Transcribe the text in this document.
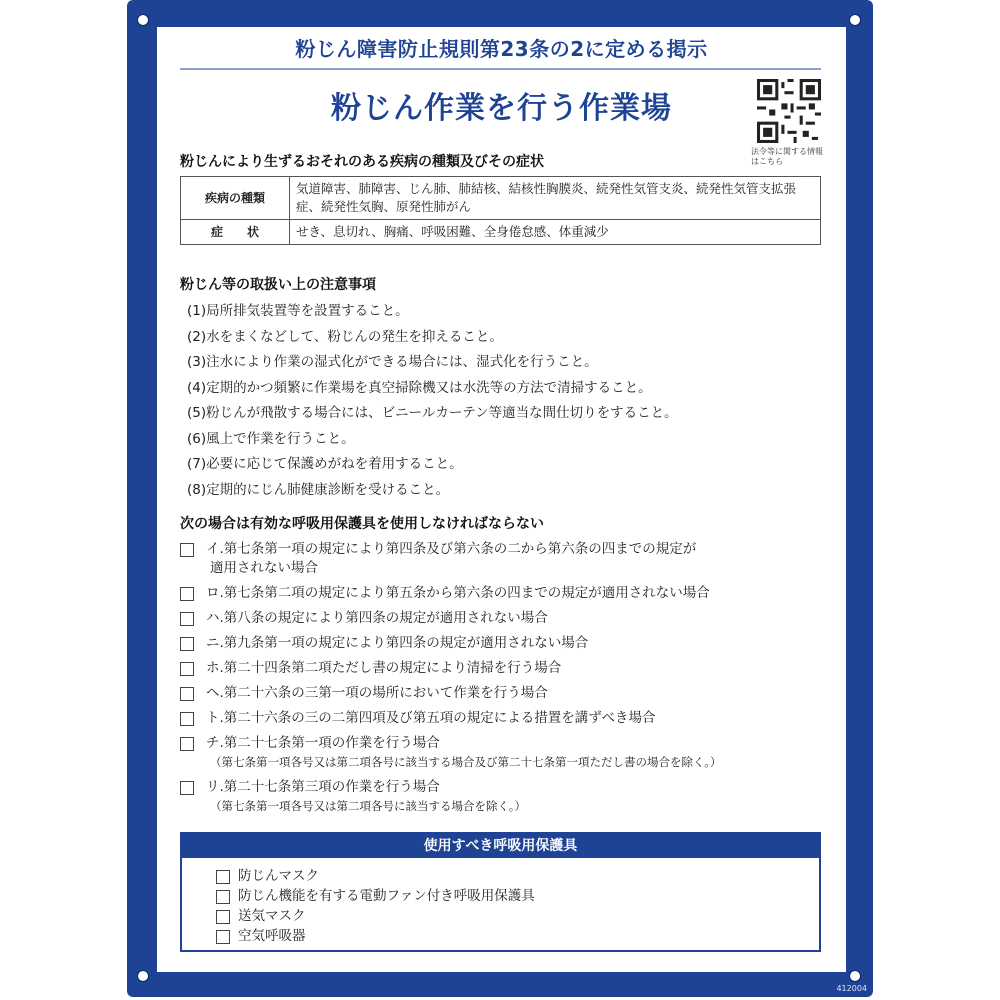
粉じん障害防止規則第23条の2に定める掲示
粉じん作業を行う作業場
法令等に関する情報はこちら
粉じんにより生ずるおそれのある疾病の種類及びその症状
疾病の種類	気道障害、肺障害、じん肺、肺結核、結核性胸膜炎、続発性気管支炎、続発性気管支拡張症、続発性気胸、原発性肺がん
症　　状	せき、息切れ、胸痛、呼吸困難、全身倦怠感、体重減少
粉じん等の取扱い上の注意事項
(1)局所排気装置等を設置すること。
(2)水をまくなどして、粉じんの発生を抑えること。
(3)注水により作業の湿式化ができる場合には、湿式化を行うこと。
(4)定期的かつ頻繁に作業場を真空掃除機又は水洗等の方法で清掃すること。
(5)粉じんが飛散する場合には、ビニールカーテン等適当な間仕切りをすること。
(6)風上で作業を行うこと。
(7)必要に応じて保護めがねを着用すること。
(8)定期的にじん肺健康診断を受けること。
次の場合は有効な呼吸用保護具を使用しなければならない
イ.第七条第一項の規定により第四条及び第六条の二から第六条の四までの規定が
適用されない場合
ロ.第七条第二項の規定により第五条から第六条の四までの規定が適用されない場合
ハ.第八条の規定により第四条の規定が適用されない場合
ニ.第九条第一項の規定により第四条の規定が適用されない場合
ホ.第二十四条第二項ただし書の規定により清掃を行う場合
ヘ.第二十六条の三第一項の場所において作業を行う場合
ト.第二十六条の三の二第四項及び第五項の規定による措置を講ずべき場合
チ.第二十七条第一項の作業を行う場合
（第七条第一項各号又は第二項各号に該当する場合及び第二十七条第一項ただし書の場合を除く。）
リ.第二十七条第三項の作業を行う場合
（第七条第一項各号又は第二項各号に該当する場合を除く。）
使用すべき呼吸用保護具
防じんマスク
防じん機能を有する電動ファン付き呼吸用保護具
送気マスク
空気呼吸器
412004
